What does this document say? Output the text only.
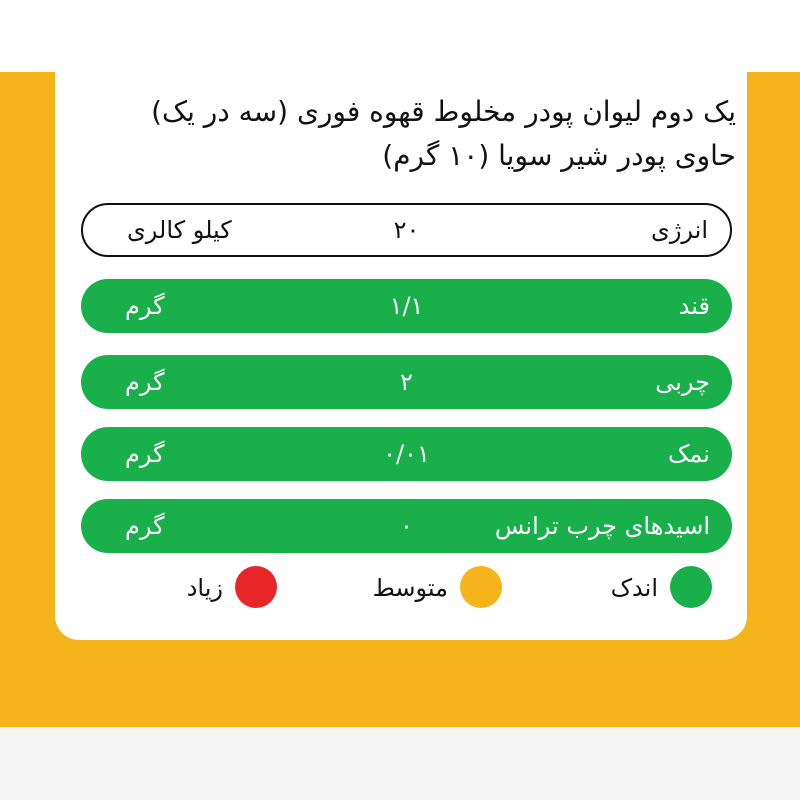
یک دوم لیوان پودر مخلوط قهوه فوری (سه در یک)
حاوی پودر شیر سویا (۱۰ گرم)
انرژی
۲۰
کیلو کالری
قند
۱/۱
گرم
چربی
۲
گرم
نمک
۰/۰۱
گرم
اسیدهای چرب ترانس
۰
گرم
اندک
متوسط
زیاد
